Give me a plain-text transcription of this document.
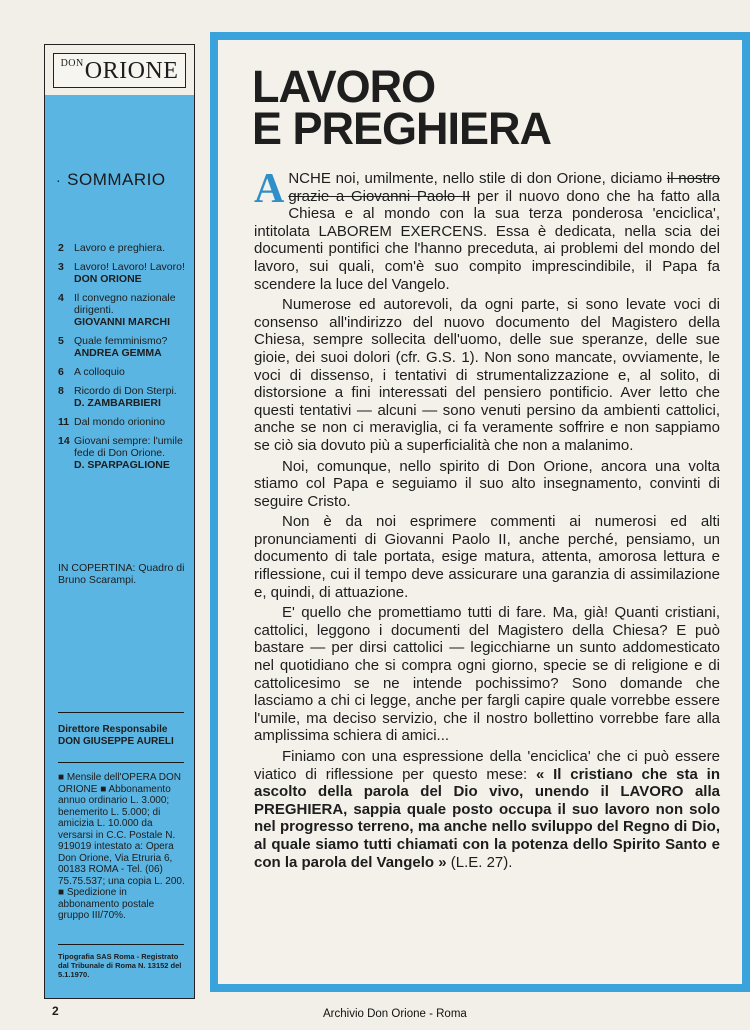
DON ORIONE
· SOMMARIO
2 Lavoro e preghiera.
3 Lavoro! Lavoro! Lavoro!
DON ORIONE
4 Il convegno nazionale dirigenti.
GIOVANNI MARCHI
5 Quale femminismo?
ANDREA GEMMA
6 A colloquio
8 Ricordo di Don Sterpi.
D. ZAMBARBIERI
11 Dal mondo orionino
14 Giovani sempre: l'umile fede di Don Orione.
D. SPARPAGLIONE
IN COPERTINA: Quadro di Bruno Scarampi.
Direttore Responsabile
DON GIUSEPPE AURELI
■ Mensile dell'OPERA DON ORIONE ■ Abbonamento annuo ordinario L. 3.000; benemerito L. 5.000; di amicizia L. 10.000 da versarsi in C.C. Postale N. 919019 intestato a: Opera Don Orione, Via Etruria 6, 00183 ROMA - Tel. (06) 75.75.537; una copia L. 200. ■ Spedizione in abbonamento postale gruppo III/70%.
Tipografia SAS Roma - Registrato dal Tribunale di Roma N. 13152 del 5.1.1970.
2	Archivio Don Orione - Roma
LAVORO
E PREGHIERA

ANCHE noi, umilmente, nello stile di don Orione, diciamo il nostro grazie a Giovanni Paolo II per il nuovo dono che ha fatto alla Chiesa e al mondo con la sua terza ponderosa 'enciclica', intitolata LABOREM EXERCENS. Essa è dedicata, nella scia dei documenti pontifici che l'hanno preceduta, ai problemi del mondo del lavoro, sui quali, com'è suo compito imprescindibile, il Papa fa scendere la luce del Vangelo.

Numerose ed autorevoli, da ogni parte, si sono levate voci di consenso all'indirizzo del nuovo documento del Magistero della Chiesa, sempre sollecita dell'uomo, delle sue speranze, delle sue gioie, dei suoi dolori (cfr. G.S. 1). Non sono mancate, ovviamente, le voci di dissenso, i tentativi di strumentalizzazione e, al solito, di distorsione a fini interessati del pensiero pontificio. Aver letto che questi tentativi — alcuni — sono venuti persino da ambienti cattolici, anche se non ci meraviglia, ci fa veramente soffrire e non sappiamo se ciò sia dovuto più a superficialità che non a malanimo.

Noi, comunque, nello spirito di Don Orione, ancora una volta stiamo col Papa e seguiamo il suo alto insegnamento, convinti di seguire Cristo.

Non è da noi esprimere commenti ai numerosi ed alti pronunciamenti di Giovanni Paolo II, anche perché, pensiamo, un documento di tale portata, esige matura, attenta, amorosa lettura e riflessione, cui il tempo deve assicurare una garanzia di assimilazione e, quindi, di attuazione.

E' quello che promettiamo tutti di fare. Ma, già! Quanti cristiani, cattolici, leggono i documenti del Magistero della Chiesa? E può bastare — per dirsi cattolici — legicchiarne un sunto addomesticato nel quotidiano che si compra ogni giorno, specie se di religione e di cattolicesimo se ne intende pochissimo? Sono domande che lasciamo a chi ci legge, anche per fargli capire quale vorrebbe essere l'umile, ma deciso servizio, che il nostro bollettino vorrebbe fare alla amplissima schiera di amici...

Finiamo con una espressione della 'enciclica' che ci può essere viatico di riflessione per questo mese: « Il cristiano che sta in ascolto della parola del Dio vivo, unendo il LAVORO alla PREGHIERA, sappia quale posto occupa il suo lavoro non solo nel progresso terreno, ma anche nello sviluppo del Regno di Dio, al quale siamo tutti chiamati con la potenza dello Spirito Santo e con la parola del Vangelo » (L.E. 27).
